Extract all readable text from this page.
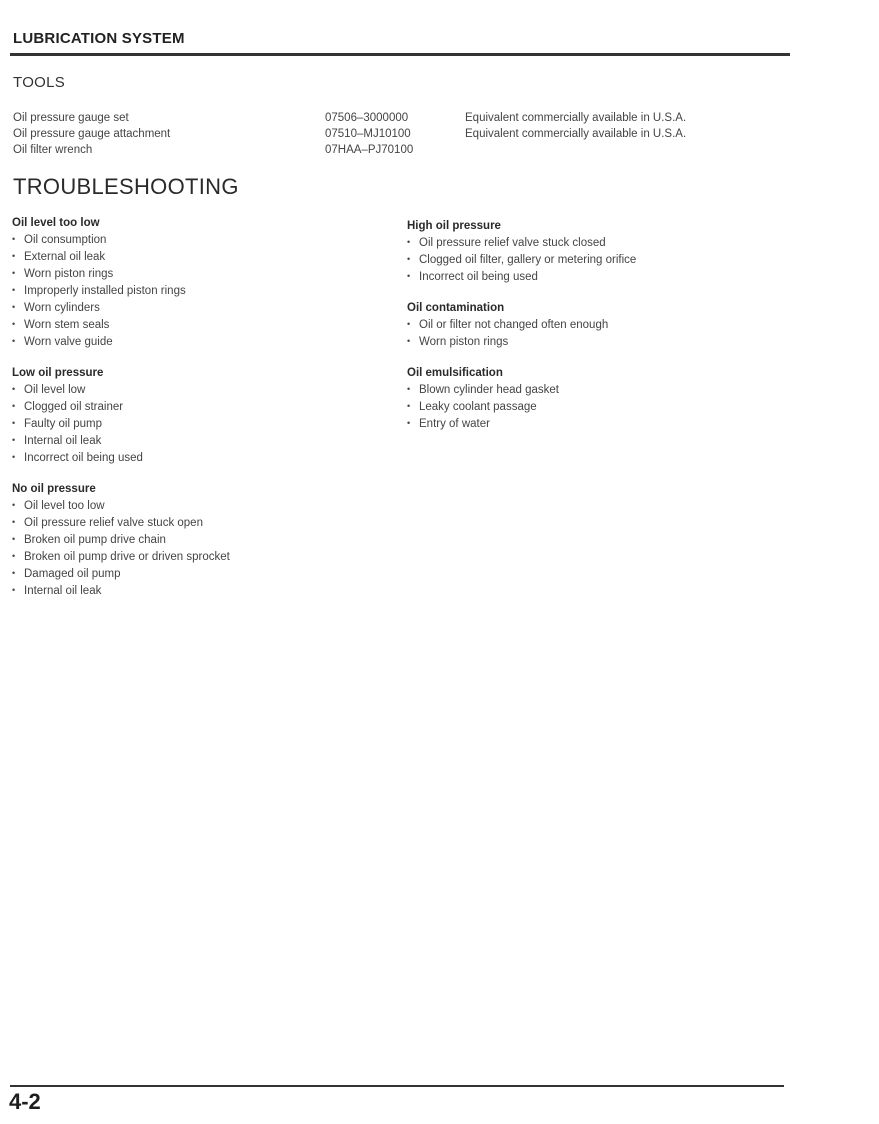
LUBRICATION SYSTEM
TOOLS
Oil pressure gauge set	07506–3000000	Equivalent commercially available in U.S.A.
Oil pressure gauge attachment	07510–MJ10100	Equivalent commercially available in U.S.A.
Oil filter wrench	07HAA–PJ70100
TROUBLESHOOTING
Oil level too low
• Oil consumption
• External oil leak
• Worn piston rings
• Improperly installed piston rings
• Worn cylinders
• Worn stem seals
• Worn valve guide
Low oil pressure
• Oil level low
• Clogged oil strainer
• Faulty oil pump
• Internal oil leak
• Incorrect oil being used
No oil pressure
• Oil level too low
• Oil pressure relief valve stuck open
• Broken oil pump drive chain
• Broken oil pump drive or driven sprocket
• Damaged oil pump
• Internal oil leak
High oil pressure
• Oil pressure relief valve stuck closed
• Clogged oil filter, gallery or metering orifice
• Incorrect oil being used
Oil contamination
• Oil or filter not changed often enough
• Worn piston rings
Oil emulsification
• Blown cylinder head gasket
• Leaky coolant passage
• Entry of water
4-2
